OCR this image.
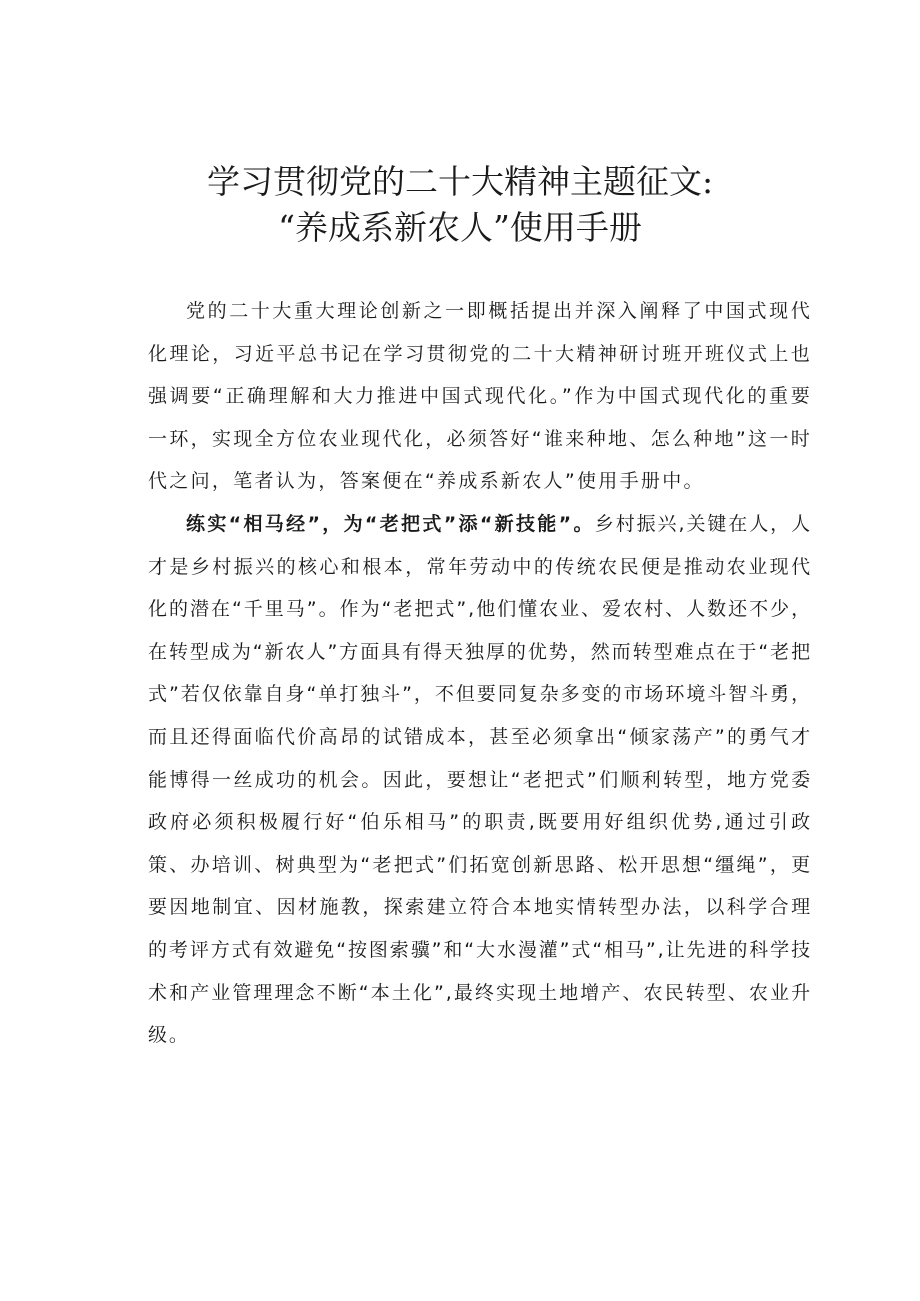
学习贯彻党的二十大精神主题征文:
“养成系新农人”使用手册

党的二十大重大理论创新之一即概括提出并深入阐释了中国式现代化理论，习近平总书记在学习贯彻党的二十大精神研讨班开班仪式上也强调要“正确理解和大力推进中国式现代化。”作为中国式现代化的重要一环，实现全方位农业现代化，必须答好“谁来种地、怎么种地”这一时代之问，笔者认为，答案便在“养成系新农人”使用手册中。

练实“相马经”，为“老把式”添“新技能”。乡村振兴,关键在人，人才是乡村振兴的核心和根本，常年劳动中的传统农民便是推动农业现代化的潜在“千里马”。作为“老把式”,他们懂农业、爱农村、人数还不少，在转型成为“新农人”方面具有得天独厚的优势，然而转型难点在于“老把式”若仅依靠自身“单打独斗”，不但要同复杂多变的市场环境斗智斗勇，而且还得面临代价高昂的试错成本，甚至必须拿出“倾家荡产”的勇气才能博得一丝成功的机会。因此，要想让“老把式”们顺利转型，地方党委政府必须积极履行好“伯乐相马”的职责,既要用好组织优势,通过引政策、办培训、树典型为“老把式”们拓宽创新思路、松开思想“缰绳”，更要因地制宜、因材施教，探索建立符合本地实情转型办法，以科学合理的考评方式有效避免“按图索骥”和“大水漫灌”式“相马”,让先进的科学技术和产业管理理念不断“本土化”,最终实现土地增产、农民转型、农业升级。
